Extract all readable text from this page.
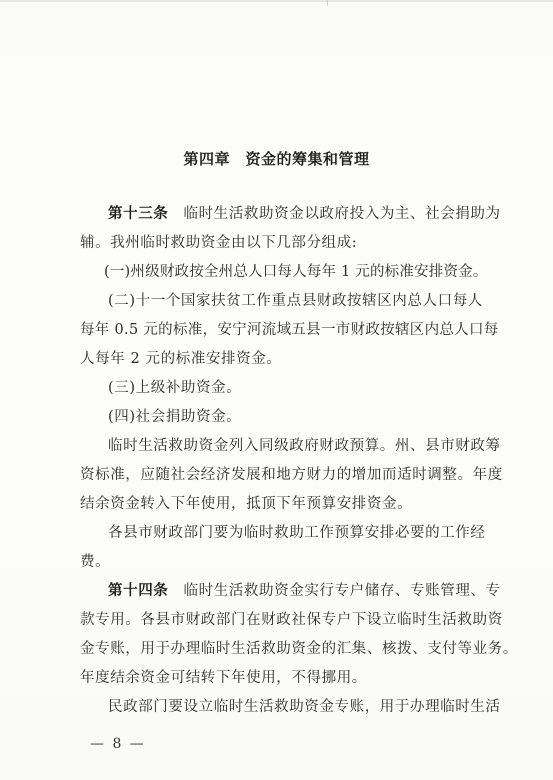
第四章　资金的筹集和管理
第十三条　 临时生活救助资金以政府投入为主、社会捐助为
辅。我州临时救助资金由以下几部分组成:
(一)州级财政按全州总人口每人每年 1 元的标准安排资金。
(二)十一个国家扶贫工作重点县财政按辖区内总人口每人
每年 0.5 元的标准，安宁河流域五县一市财政按辖区内总人口每
人每年 2 元的标准安排资金。
(三)上级补助资金。
(四)社会捐助资金。
临时生活救助资金列入同级政府财政预算。州、县市财政筹
资标准，应随社会经济发展和地方财力的增加而适时调整。年度
结余资金转入下年使用，抵顶下年预算安排资金。
各县市财政部门要为临时救助工作预算安排必要的工作经
费。
第十四条　 临时生活救助资金实行专户储存、专账管理、专
款专用。各县市财政部门在财政社保专户下设立临时生活救助资
金专账，用于办理临时生活救助资金的汇集、核拨、支付等业务。
年度结余资金可结转下年使用，不得挪用。
民政部门要设立临时生活救助资金专账，用于办理临时生活
— 8 —
